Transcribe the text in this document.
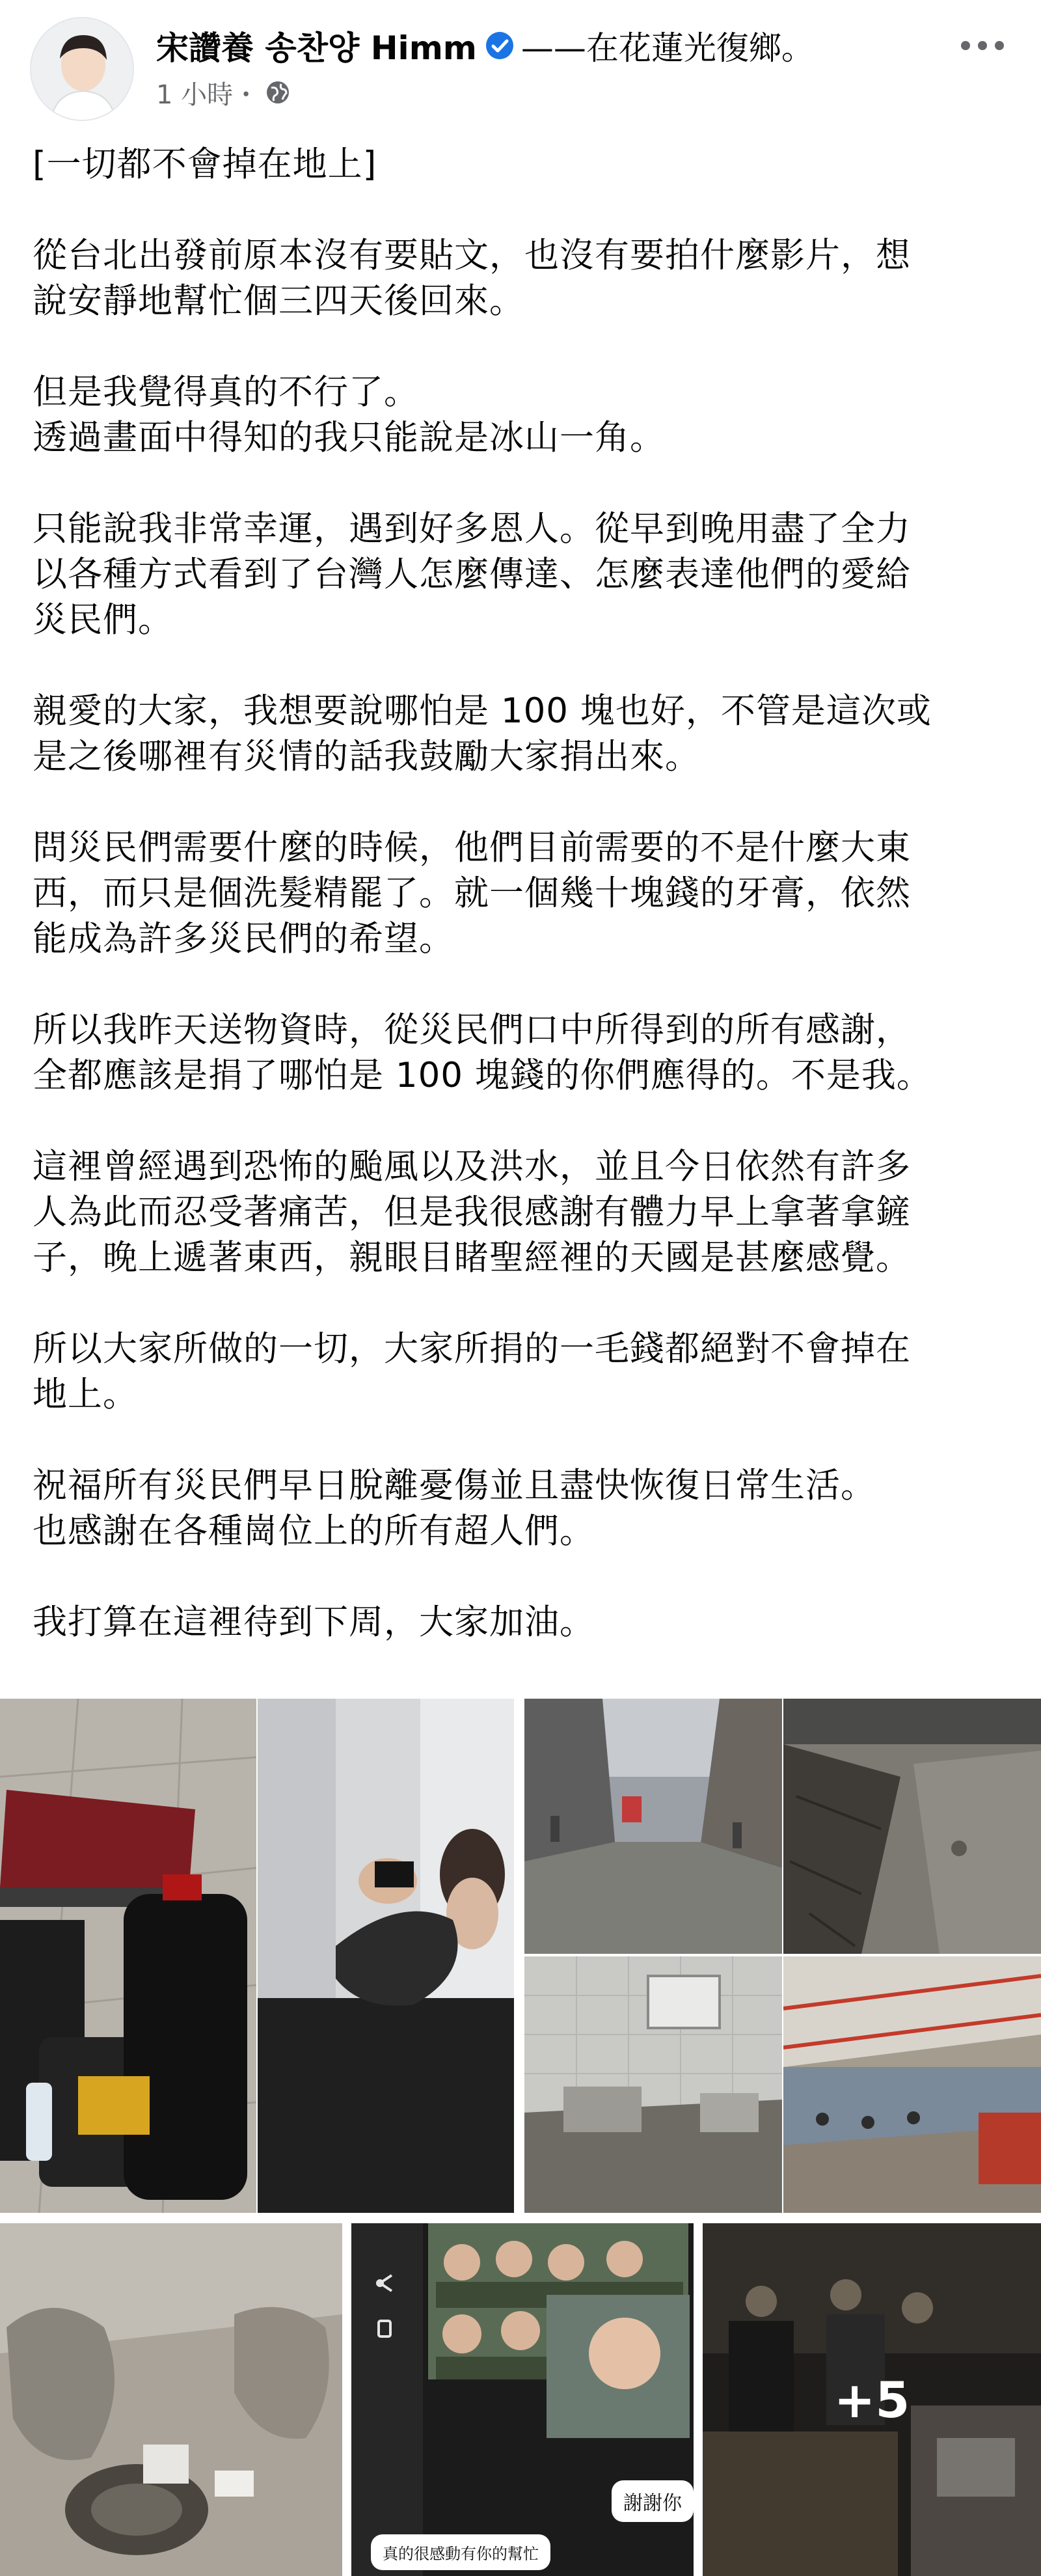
宋讚養 송찬양 Himm ——在花蓮光復鄉。
1 小時 ・

[一切都不會掉在地上]

從台北出發前原本沒有要貼文，也沒有要拍什麼影片，想
說安靜地幫忙個三四天後回來。

但是我覺得真的不行了。
透過畫面中得知的我只能說是冰山一角。

只能說我非常幸運，遇到好多恩人。從早到晚用盡了全力
以各種方式看到了台灣人怎麼傳達、怎麼表達他們的愛給
災民們。

親愛的大家，我想要說哪怕是 100 塊也好，不管是這次或
是之後哪裡有災情的話我鼓勵大家捐出來。

問災民們需要什麼的時候，他們目前需要的不是什麼大東
西，而只是個洗髮精罷了。就一個幾十塊錢的牙膏，依然
能成為許多災民們的希望。

所以我昨天送物資時，從災民們口中所得到的所有感謝，
全都應該是捐了哪怕是 100 塊錢的你們應得的。不是我。

這裡曾經遇到恐怖的颱風以及洪水，並且今日依然有許多
人為此而忍受著痛苦，但是我很感謝有體力早上拿著拿鏟
子，晚上遞著東西，親眼目睹聖經裡的天國是甚麼感覺。

所以大家所做的一切，大家所捐的一毛錢都絕對不會掉在
地上。

祝福所有災民們早日脫離憂傷並且盡快恢復日常生活。
也感謝在各種崗位上的所有超人們。

我打算在這裡待到下周，大家加油。

謝謝你
真的很感動有你的幫忙
+5
